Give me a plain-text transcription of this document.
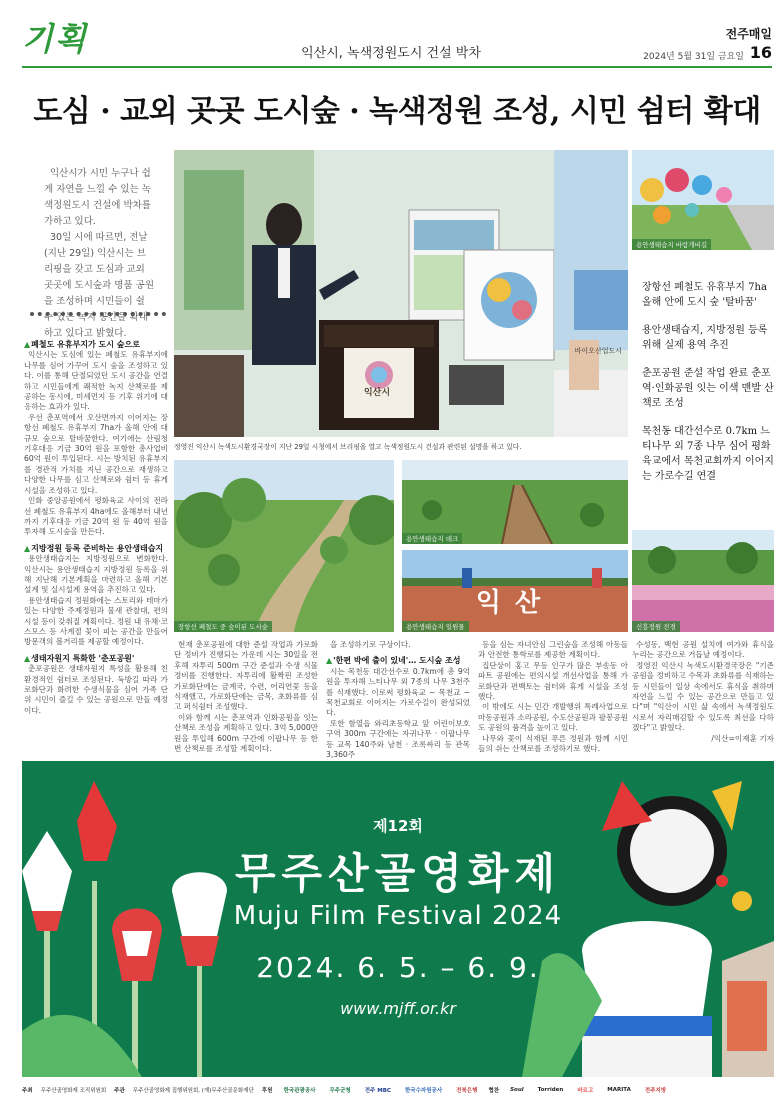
기획	익산시, 녹색정원도시 건설 박차
전주매일
2024년 5월 31일 금요일 16
도심 · 교외 곳곳 도시숲 · 녹색정원 조성, 시민 쉼터 확대

익산시가 시민 누구나 쉽게 자연을 느낄 수 있는 녹색정원도시 건설에 박차를 가하고 있다.

30일 시에 따르면, 전날(지난 29일) 익산시는 브리핑을 갖고 도심과 교외 곳곳에 도시숲과 명품 공원을 조성하며 시민들이 쉴 수 있는 녹지 공간을 확대하고 있다고 밝혔다.

익산시
바이오산업도시
정영진 익산시 녹색도시환경국장이 지난 29일 시청에서 브리핑을 열고 녹색정원도시 건설과 관련된 설명을 하고 있다.
용안생태습지 바람개비길
장항선 폐철도 유휴부지 7ha 올해 안에 도시 숲 '탈바꿈'
용안생태습지, 지방정원 등록 위해 실제 용역 추진
춘포공원 준설 작업 완료 춘포역·인화공원 잇는 이색 맨발 산책로 조성
목천동 대간선수로 0.7km 느티나무 외 7종 나무 심어 평화육교에서 목천교회까지 이어지는 가로수길 연결
▲ 폐철도 유휴부지가 도시 숲으로

익산시는 도심에 있는 폐철도 유휴부지에 나무를 심어 가꾸어 도시 숲을 조성하고 있다. 이를 통해 단절되었던 도시 공간을 연결하고 시민들에게 쾌적한 녹지 산책로를 제공하는 동시에, 미세먼지 등 기후 위기에 대응하는 효과가 있다.

우선 춘포역에서 오산면까지 이어지는 장항선 폐철도 유휴부지 7ha가 올해 안에 대규모 숲으로 탈바꿈한다. 여기에는 산림청 기후대응 기금 30억 원을 포함한 총사업비 60억 원이 투입된다. 시는 방치된 유휴부지를 경관적 가치를 지닌 공간으로 재생하고 다양한 나무를 심고 산책로와 쉼터 등 휴게 시설을 조성하고 있다.

인화 중앙공원에서 평화육교 사이의 전라선 폐철도 유휴부지 4ha에도 올해부터 내년까지 기후대응 기금 20억 원 등 40억 원을 투자해 도시숲을 만든다.

▲ 지방정원 등록 준비하는 용안생태습지

용안생태습지는 지방정원으로 변화한다. 익산시는 용안생태습지 지방정원 등록을 위해 지난해 기본계획을 마련하고 올해 기본설계 및 실시설계 용역을 추진하고 있다.

용안생태습지 정원화에는 스토리와 테마가 있는 다양한 주제정원과 물새 관찰대, 편의시설 등이 갖춰질 계획이다. 정원 내 유채·코스모스 등 사계절 꽃이 피는 공간을 만들어 방문객의 볼거리를 제공할 예정이다.

▲ 생태자원지 특화한 '춘포공원'

춘포공원은 생태자원지 특성을 활용해 친환경적인 쉼터로 조성된다. 둑방길 따라 가로화단과 화려한 수생식물을 심어 가족 단위 시민이 즐길 수 있는 공원으로 만들 예정이다.

장항선 폐철도 중 숲이된 도시숲
용안생태습지 데크
익산
용안생태습지 일원물	신흥정원 전경

현재 춘포공원에 대한 준설 작업과 가로화단 정비가 진행되는 가운데 시는 30일을 전후해 자투리 500m 구간 준설과 수생 식물 정비를 진행한다. 자투리에 활짝핀 조성한 가로화단에는 금계국, 수련, 어리연꽃 등을 식재했고, 가로화단에는 금목, 초화류를 심고 퍼식쉼터 조성했다.

이와 함께 시는 춘포역과 인화공원을 잇는 산책로 조성을 계획하고 있다. 3억 5,000만 원을 투입해 600m 구간에 이팝나무 등 한번 산책로를 조성할 계획이다.

을 조성하기로 구상이다.

▲ '한편 박에 출이 있네'… 도시숲 조성

시는 목천동 대간선수로 0.7km에 총 9억 원을 투자해 느티나무 외 7종의 나무 3천주를 식재했다. 이로써 평화육교 ~ 목천교 ~ 목천교회로 이어지는 가로수길이 완성되었다.

또한 함열읍 와리초등학교 앞 어린이보호구역 300m 구간에는 자귀나무 · 이팝나무 등 교목 140주와 남천 · 조록싸리 등 관목 3,360주

등을 심는 자녀안심 그린숲을 조성해 아동들과 안전한 통학로를 제공한 계획이다.

집단상이 홍고 무등 인구가 많은 부송동 아파트 공원에는 편의시설 개선사업을 통해 가로화단과 편백토는 쉼터와 휴게 시설을 조성했다.

이 밖에도 시는 민간 개발행위 특례사업으로 마동공원과 소라공원, 수도산공원과 팔봉공원도 공원의 품격을 높이고 있다.

나무와 꽃이 식재된 푸른 정원과 함께 시민들의 쉬는 산책로를 조성하기로 했다.

수성동, 백현 공원 설치에 여가와 휴식을 누리는 공간으로 거듭날 예정이다.

정영진 익산시 녹색도시환경국장은 "기존 공원을 정비하고 수목과 초화류를 식재하는 등 시민들이 일상 속에서도 휴식을 취하며 자연을 느낄 수 있는 공간으로 만들고 있다"며 "익산이 시민 삶 속에서 녹색정원도시로서 자리매김할 수 있도록 최선을 다하겠다"고 밝혔다.

/익산=이재훈 기자

제12회
무주산골영화제
Muju Film Festival 2024
2024. 6. 5. – 6. 9.
www.mjff.or.kr
주최 무주산골영화제 조직위원회 주관 무주산골영화제 집행위원회, (재)무주산골문화재단 후원	한국관광공사	무주군청	전주 MBC	한국수자원공사	전북은행	협찬	Soul	Torriden	바르고	MARITA	전주지방
